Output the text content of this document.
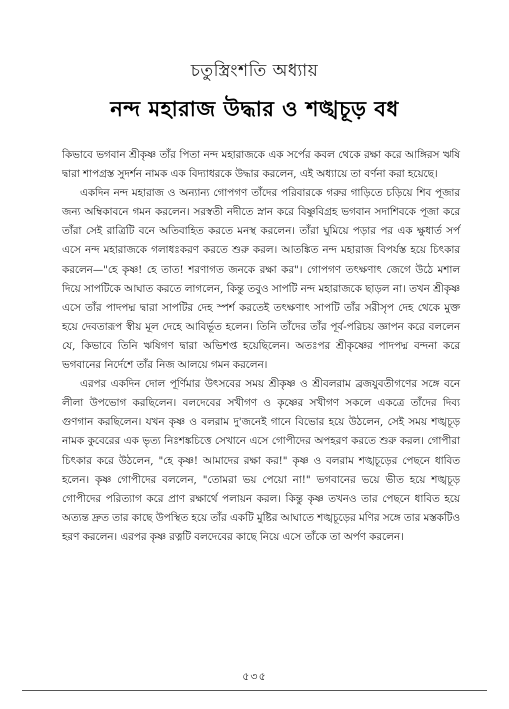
চতুস্ত্রিংশতি অধ্যায়
নন্দ মহারাজ উদ্ধার ও শঙ্খচূড় বধ

কিভাবে ভগবান শ্রীকৃষ্ণ তাঁর পিতা নন্দ মহারাজকে এক সর্পের কবল থেকে রক্ষা করে আঙ্গিরস ঋষি দ্বারা শাপগ্রস্ত সুদর্শন নামক এক বিদ্যাধরকে উদ্ধার করলেন, এই অধ্যায়ে তা বর্ণনা করা হয়েছে।

একদিন নন্দ মহারাজ ও অন্যান্য গোপগণ তাঁদের পরিবারকে গরুর গাড়িতে চড়িয়ে শিব পূজার জন্য অম্বিকাবনে গমন করলেন। সরস্বতী নদীতে স্নান করে বিষ্ণুবিগ্রহ ভগবান সদাশিবকে পূজা করে তাঁরা সেই রাত্রিটি বনে অতিবাহিত করতে মনস্থ করলেন। তাঁরা ঘুমিয়ে পড়ার পর এক ক্ষুধার্ত সর্প এসে নন্দ মহারাজকে গলাধঃকরণ করতে শুরু করল। আতঙ্কিত নন্দ মহারাজ বিপর্যস্ত হয়ে চিৎকার করলেন—"হে কৃষ্ণ! হে তাত! শরণাগত জনকে রক্ষা কর"। গোপগণ তৎক্ষণাৎ জেগে উঠে মশাল দিয়ে সাপটিকে আঘাত করতে লাগলেন, কিন্তু তবুও সাপটি নন্দ মহারাজকে ছাড়ল না। তখন শ্রীকৃষ্ণ এসে তাঁর পাদপদ্ম দ্বারা সাপটির দেহ স্পর্শ করতেই তৎক্ষণাৎ সাপটি তাঁর সরীসৃপ দেহ থেকে মুক্ত হয়ে দেবতারূপ স্বীয় মূল দেহে আবির্ভূত হলেন। তিনি তাঁদের তাঁর পূর্ব-পরিচয় জ্ঞাপন করে বললেন যে, কিভাবে তিনি ঋষিগণ দ্বারা অভিশপ্ত হয়েছিলেন। অতঃপর শ্রীকৃষ্ণের পাদপদ্ম বন্দনা করে ভগবানের নির্দেশে তাঁর নিজ আলয়ে গমন করলেন।

এরপর একদিন দোল পূর্ণিমার উৎসবের সময় শ্রীকৃষ্ণ ও শ্রীবলরাম ব্রজযুবতীগণের সঙ্গে বনে লীলা উপভোগ করছিলেন। বলদেবের সখীগণ ও কৃষ্ণের সখীগণ সকলে একত্রে তাঁদের দিব্য গুণগান করছিলেন। যখন কৃষ্ণ ও বলরাম দু'জনেই গানে বিভোর হয়ে উঠলেন, সেই সময় শঙ্খচূড় নামক কুবেরের এক ভৃত্য নিঃশঙ্কচিত্তে সেখানে এসে গোপীদের অপহরণ করতে শুরু করল। গোপীরা চিৎকার করে উঠলেন, "হে কৃষ্ণ! আমাদের রক্ষা কর!" কৃষ্ণ ও বলরাম শঙ্খচূড়ের পেছনে ধাবিত হলেন। কৃষ্ণ গোপীদের বললেন, "তোমরা ভয় পেয়ো না!" ভগবানের ভয়ে ভীত হয়ে শঙ্খচূড় গোপীদের পরিত্যাগ করে প্রাণ রক্ষার্থে পলায়ন করল। কিন্তু কৃষ্ণ তখনও তার পেছনে ধাবিত হয়ে অত্যন্ত দ্রুত তার কাছে উপস্থিত হয়ে তাঁর একটি মুষ্টির আঘাতে শঙ্খচূড়ের মণির সঙ্গে তার মস্তকটিও হরণ করলেন। এরপর কৃষ্ণ রত্নটি বলদেবের কাছে নিয়ে এসে তাঁকে তা অর্পণ করলেন।

৫৩৫
